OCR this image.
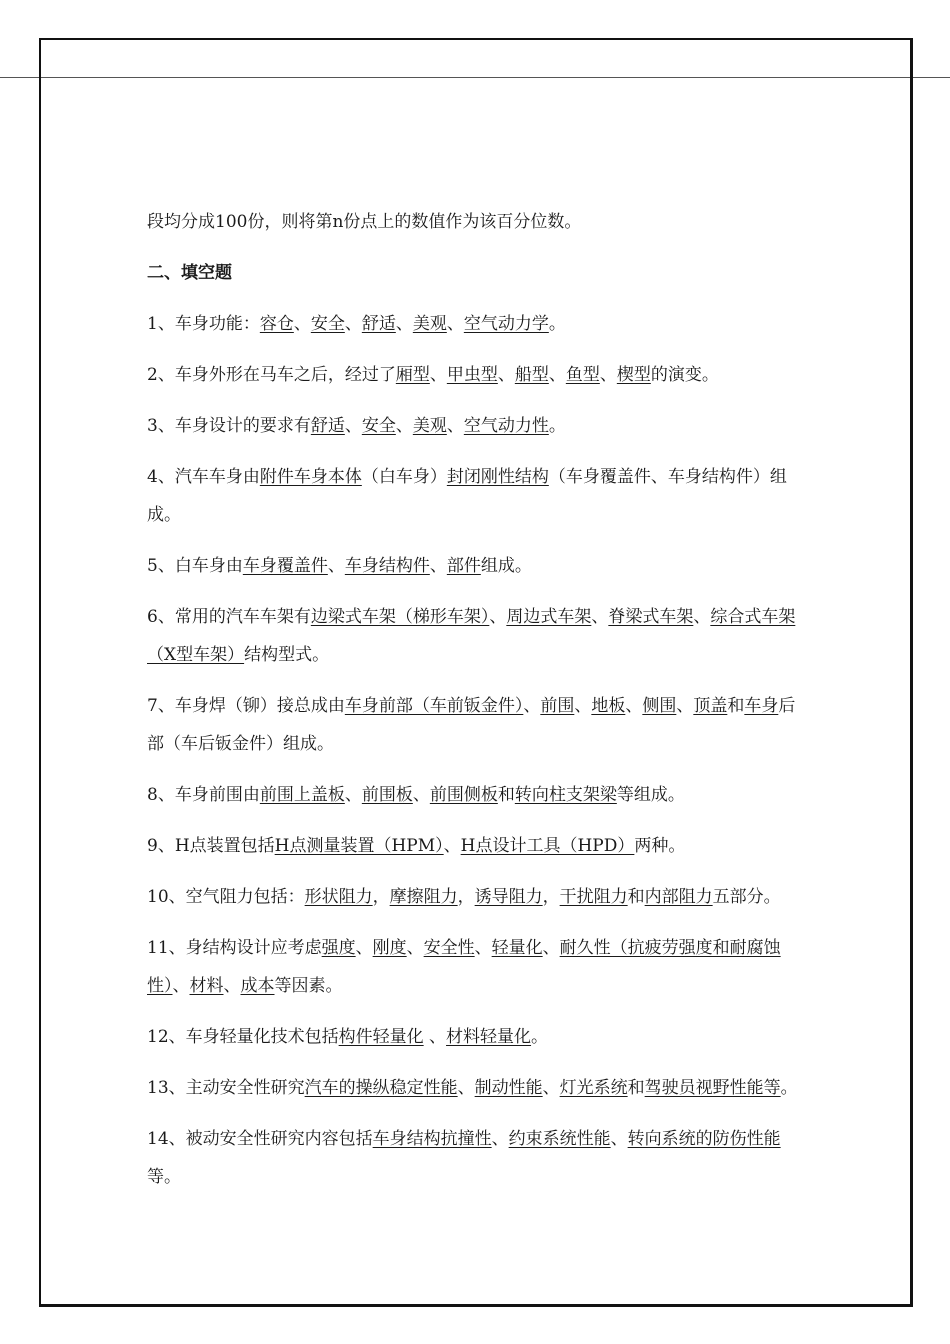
段均分成100份，则将第n份点上的数值作为该百分位数。

二、填空题

1、车身功能：容仓、安全、舒适、美观、空气动力学。

2、车身外形在马车之后，经过了厢型、甲虫型、船型、鱼型、楔型的演变。

3、车身设计的要求有舒适、安全、美观、空气动力性。

4、汽车车身由附件车身本体（白车身）封闭刚性结构（车身覆盖件、车身结构件）组成。

5、白车身由车身覆盖件、车身结构件、部件组成。

6、常用的汽车车架有边梁式车架（梯形车架）、周边式车架、脊梁式车架、综合式车架（X型车架）结构型式。

7、车身焊（铆）接总成由车身前部（车前钣金件）、前围、地板、侧围、顶盖和车身后部（车后钣金件）组成。

8、车身前围由前围上盖板、前围板、前围侧板和转向柱支架梁等组成。

9、H点装置包括H点测量装置（HPM）、H点设计工具（HPD）两种。

10、空气阻力包括：形状阻力，摩擦阻力，诱导阻力，干扰阻力和内部阻力五部分。

11、身结构设计应考虑强度、刚度、安全性、轻量化、耐久性（抗疲劳强度和耐腐蚀性）、材料、成本等因素。

12、车身轻量化技术包括构件轻量化 、材料轻量化。

13、主动安全性研究汽车的操纵稳定性能、制动性能、灯光系统和驾驶员视野性能等。

14、被动安全性研究内容包括车身结构抗撞性、约束系统性能、转向系统的防伤性能等。
